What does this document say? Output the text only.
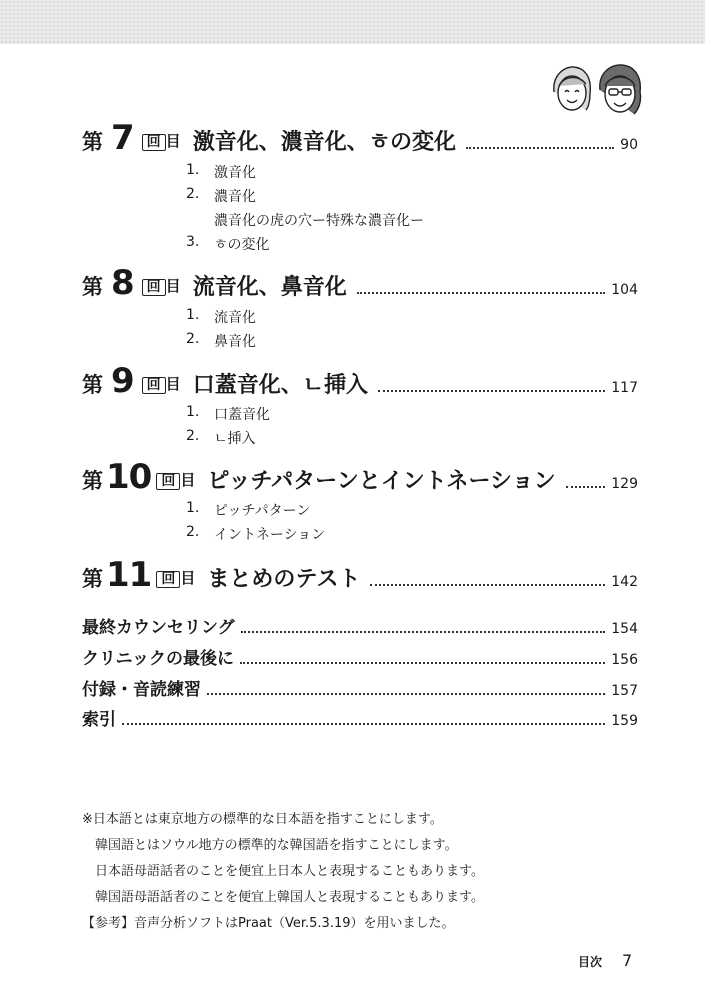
第 7 回 目 激音化、濃音化、ㅎの変化	90
1.	激音化
2.	濃音化
濃音化の虎の穴ー特殊な濃音化ー
3.	ㅎの変化
第 8 回 目 流音化、鼻音化	104
1.	流音化
2.	鼻音化
第 9 回 目 口蓋音化、ㄴ挿入	117
1.	口蓋音化
2.	ㄴ挿入
第 10 回 目 ピッチパターンとイントネーション	129
1.	ピッチパターン
2.	イントネーション
第 11 回 目 まとめのテスト	142
最終カウンセリング	154
クリニックの最後に	156
付録・音読練習	157
索引	159
※日本語とは東京地方の標準的な日本語を指すことにします。
韓国語とはソウル地方の標準的な韓国語を指すことにします。
日本語母語話者のことを便宜上日本人と表現することもあります。
韓国語母語話者のことを便宜上韓国人と表現することもあります。
【参考】音声分析ソフトはPraat（Ver.5.3.19）を用いました。
目次 7
